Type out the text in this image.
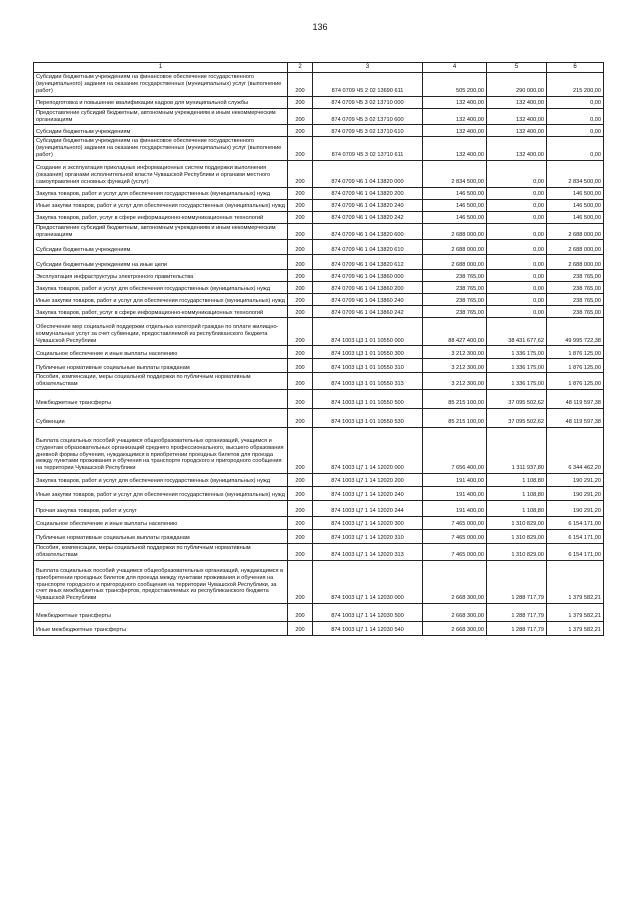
136
1	2	3	4	5	6
Субсидии бюджетным учреждениям на финансовое обеспечение государственного (муниципального) задания на оказание государственных (муниципальных) услуг (выполнение работ)	200	874 0709 Ч5 2 02 13690 611	505 200,00	290 000,00	215 200,00
Переподготовка и повышение квалификации кадров для муниципальной службы	200	874 0709 Ч5 3 02 13710 000	132 400,00	132 400,00	0,00
Предоставление субсидий бюджетным, автономным учреждениям и иным некоммерческим организациям	200	874 0709 Ч5 3 02 13710 600	132 400,00	132 400,00	0,00
Субсидии бюджетным учреждениям	200	874 0709 Ч5 3 02 13710 610	132 400,00	132 400,00	0,00
Субсидии бюджетным учреждениям на финансовое обеспечение государственного (муниципального) задания на оказание государственных (муниципальных) услуг (выполнение работ)	200	874 0709 Ч5 3 02 13710 611	132 400,00	132 400,00	0,00
Создание и эксплуатация прикладных информационных систем поддержки выполнения (оказания) органами исполнительной власти Чувашской Республики и органами местного самоуправления основных функций (услуг)	200	874 0709 Ч6 1 04 13820 000	2 834 500,00	0,00	2 834 500,00
Закупка товаров, работ и услуг для обеспечения государственных (муниципальных) нужд	200	874 0709 Ч6 1 04 13820 200	146 500,00	0,00	146 500,00
Иные закупки товаров, работ и услуг для обеспечения государственных (муниципальных) нужд	200	874 0709 Ч6 1 04 13820 240	146 500,00	0,00	146 500,00
Закупка товаров, работ, услуг в сфере информационно-коммуникационных технологий	200	874 0709 Ч6 1 04 13820 242	146 500,00	0,00	146 500,00
Предоставление субсидий бюджетным, автономным учреждениям и иным некоммерческим организациям	200	874 0709 Ч6 1 04 13820 600	2 688 000,00	0,00	2 688 000,00
Субсидии бюджетным учреждениям	200	874 0709 Ч6 1 04 13820 610	2 688 000,00	0,00	2 688 000,00
Субсидии бюджетным учреждениям на иные цели	200	874 0709 Ч6 1 04 13820 612	2 688 000,00	0,00	2 688 000,00
Эксплуатация инфраструктуры электронного правительства	200	874 0709 Ч6 1 04 13860 000	238 765,00	0,00	238 765,00
Закупка товаров, работ и услуг для обеспечения государственных (муниципальных) нужд	200	874 0709 Ч6 1 04 13860 200	238 765,00	0,00	238 765,00
Иные закупки товаров, работ и услуг для обеспечения государственных (муниципальных) нужд	200	874 0709 Ч6 1 04 13860 240	238 765,00	0,00	238 765,00
Закупка товаров, работ, услуг в сфере информационно-коммуникационных технологий	200	874 0709 Ч6 1 04 13860 242	238 765,00	0,00	238 765,00
Обеспечение мер социальной поддержки отдельных категорий граждан по оплате жилищно-коммунальных услуг за счет субвенции, предоставляемой из республиканского бюджета Чувашской Республики	200	874 1003 Ц3 1 01 10550 000	88 427 400,00	38 431 677,62	49 995 722,38
Социальное обеспечение и иные выплаты населению	200	874 1003 Ц3 1 01 10550 300	3 212 300,00	1 336 175,00	1 876 125,00
Публичные нормативные социальные выплаты гражданам	200	874 1003 Ц3 1 01 10550 310	3 212 300,00	1 336 175,00	1 876 125,00
Пособия, компенсации, меры социальной поддержки по публичным нормативным обязательствам	200	874 1003 Ц3 1 01 10550 313	3 212 300,00	1 336 175,00	1 876 125,00
Межбюджетные трансферты	200	874 1003 Ц3 1 01 10550 500	85 215 100,00	37 095 502,62	48 119 597,38
Субвенции	200	874 1003 Ц3 1 01 10550 530	85 215 100,00	37 095 502,62	48 119 597,38
Выплата социальных пособий учащимся общеобразовательных организаций, учащимся и студентам образовательных организаций среднего профессионального, высшего образования дневной формы обучения, нуждающимся в приобретении проездных билетов для проезда между пунктами проживания и обучения на транспорте городского и пригородного сообщения на территории Чувашской Республики	200	874 1003 Ц7 1 14 12020 000	7 656 400,00	1 311 937,80	6 344 462,20
Закупка товаров, работ и услуг для обеспечения государственных (муниципальных) нужд	200	874 1003 Ц7 1 14 12020 200	191 400,00	1 108,80	190 291,20
Иные закупки товаров, работ и услуг для обеспечения государственных (муниципальных) нужд	200	874 1003 Ц7 1 14 12020 240	191 400,00	1 108,80	190 291,20
Прочая закупка товаров, работ и услуг	200	874 1003 Ц7 1 14 12020 244	191 400,00	1 108,80	190 291,20
Социальное обеспечение и иные выплаты населению	200	874 1003 Ц7 1 14 12020 300	7 465 000,00	1 310 829,00	6 154 171,00
Публичные нормативные социальные выплаты гражданам	200	874 1003 Ц7 1 14 12020 310	7 465 000,00	1 310 829,00	6 154 171,00
Пособия, компенсации, меры социальной поддержки по публичным нормативным обязательствам	200	874 1003 Ц7 1 14 12020 313	7 465 000,00	1 310 829,00	6 154 171,00
Выплата социальных пособий учащимся общеобразовательных организаций, нуждающимся в приобретении проездных билетов для проезда между пунктами проживания и обучения на транспорте городского и пригородного сообщения на территории Чувашской Республики, за счет иных межбюджетных трансфертов, предоставляемых из республиканского бюджета Чувашской Республики	200	874 1003 Ц7 1 14 12030 000	2 668 300,00	1 288 717,79	1 379 582,21
Межбюджетные трансферты	200	874 1003 Ц7 1 14 12030 500	2 668 300,00	1 288 717,79	1 379 582,21
Иные межбюджетные трансферты	200	874 1003 Ц7 1 14 12030 540	2 668 300,00	1 288 717,79	1 379 582,21
